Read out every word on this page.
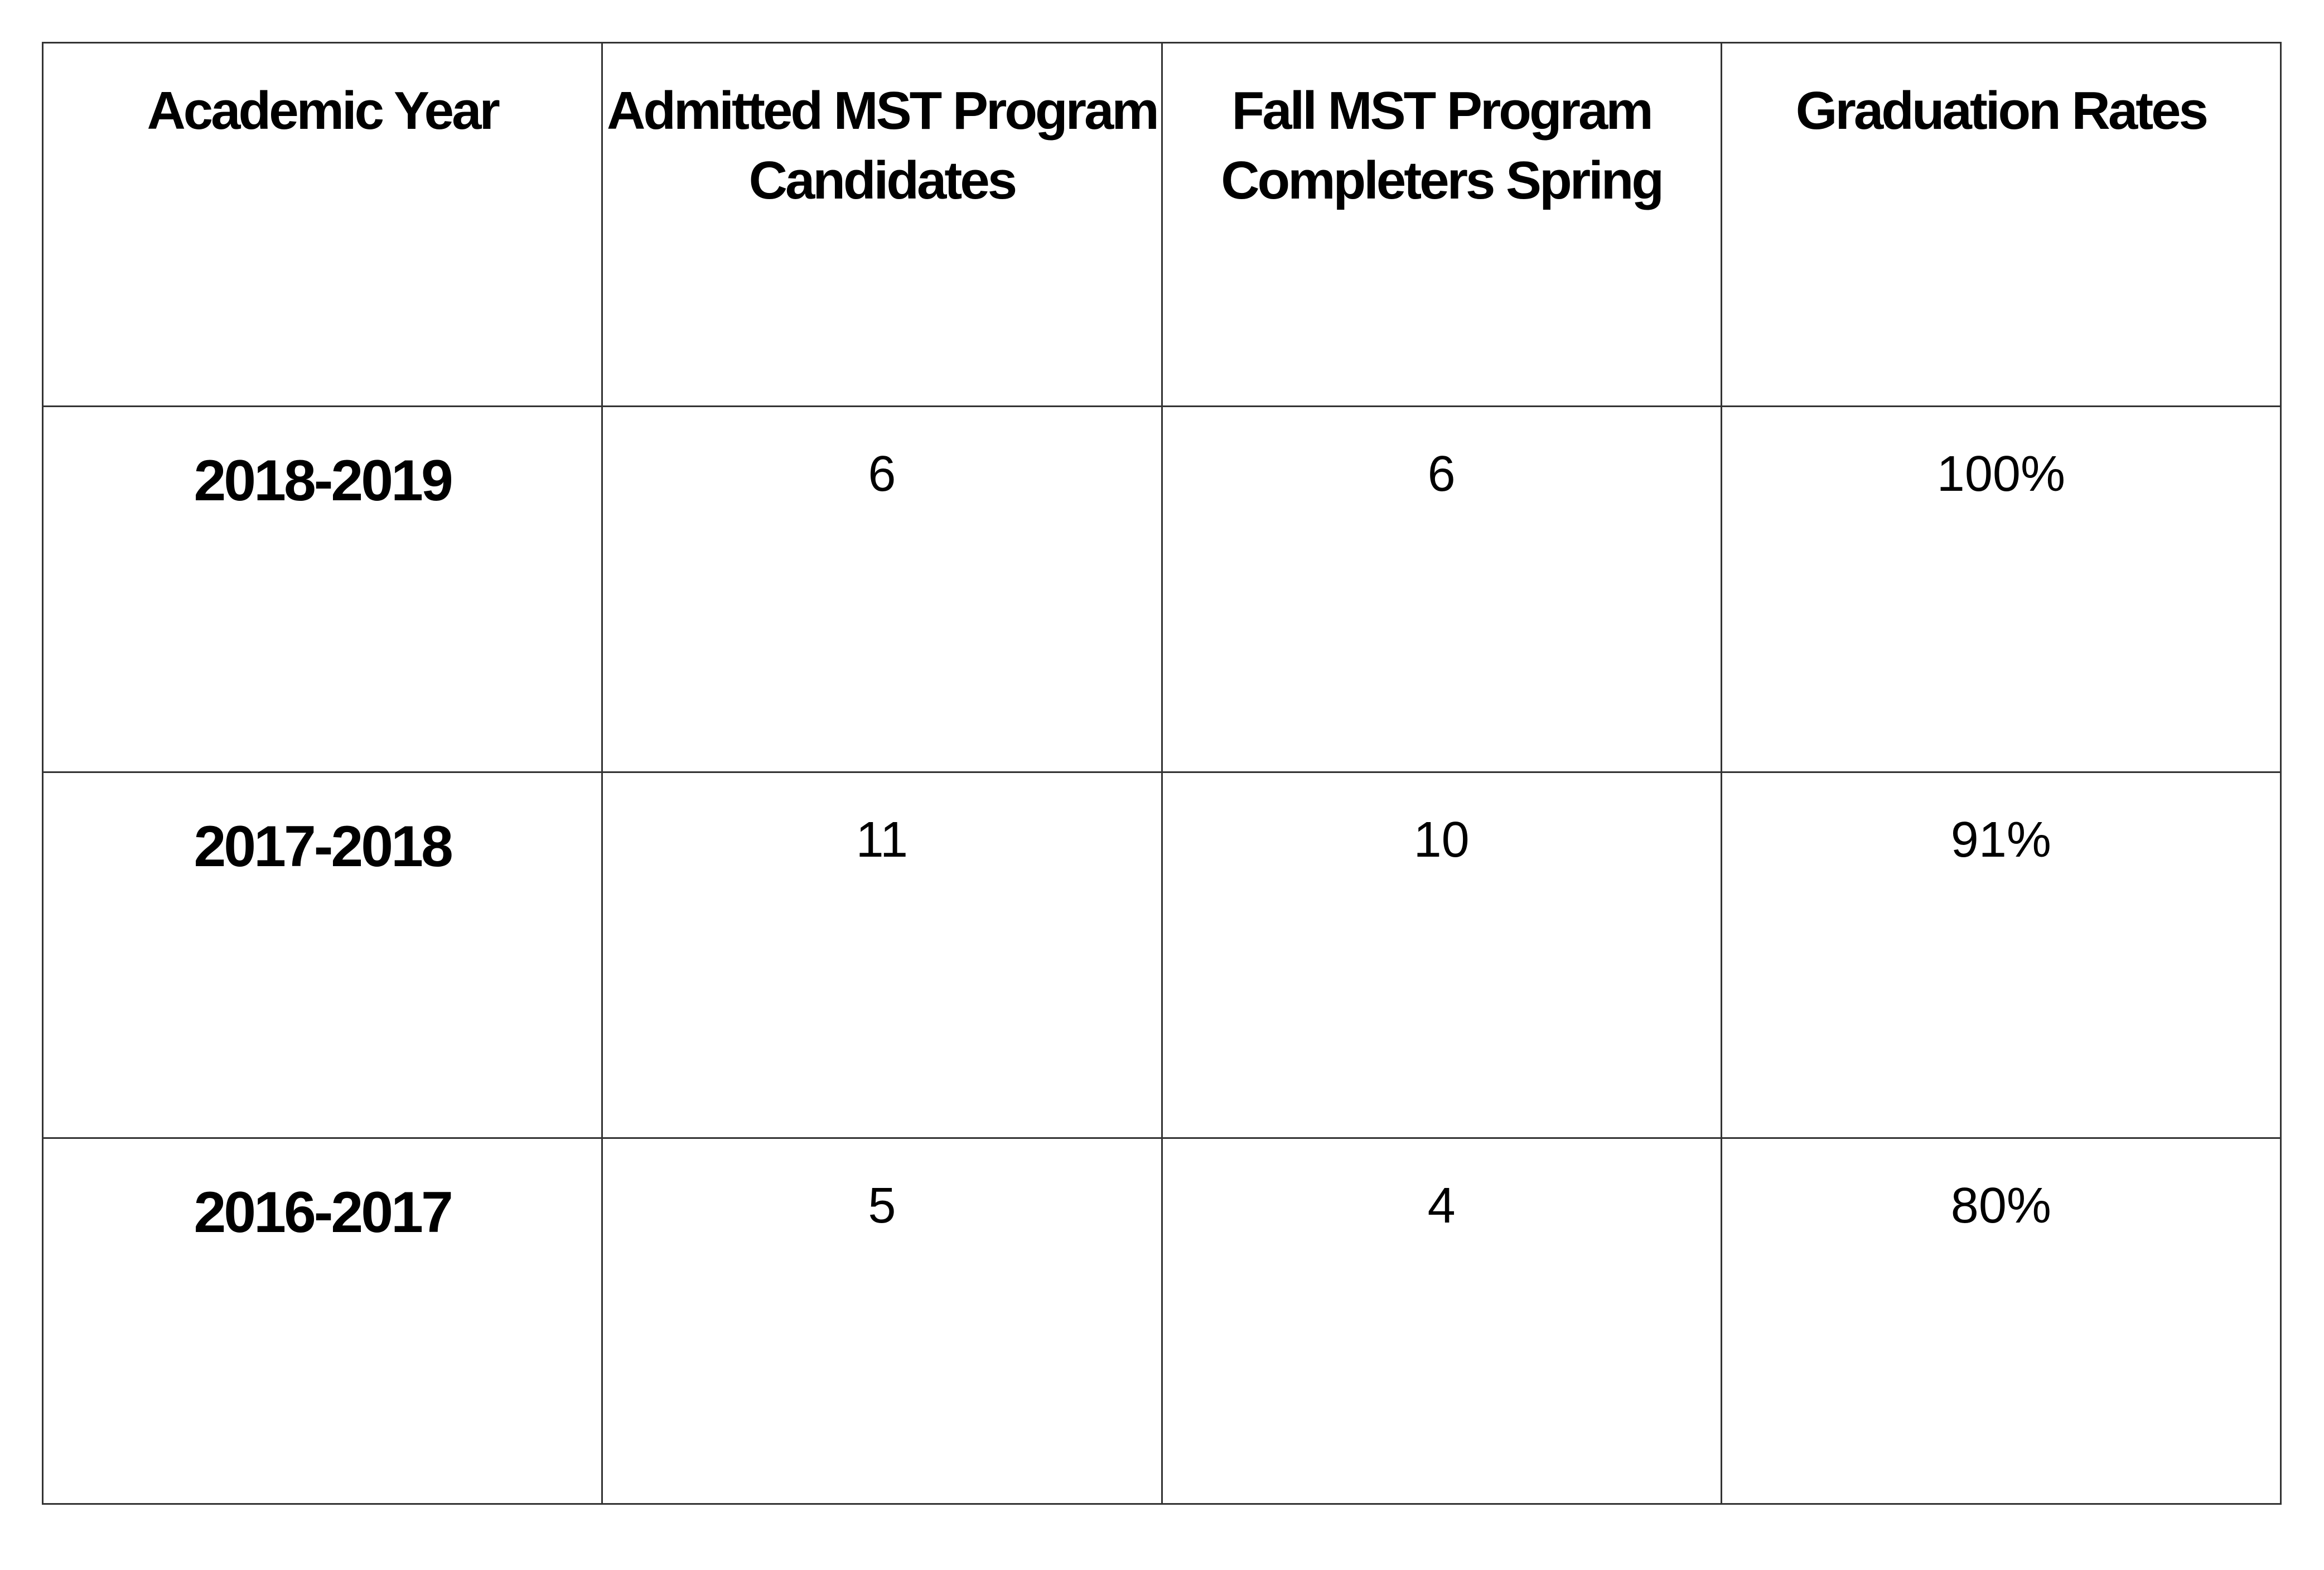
Academic Year	Admitted MST Program Candidates	Fall MST Program Completers Spring	Graduation Rates
2018-2019	6	6	100%
2017-2018	11	10	91%
2016-2017	5	4	80%
